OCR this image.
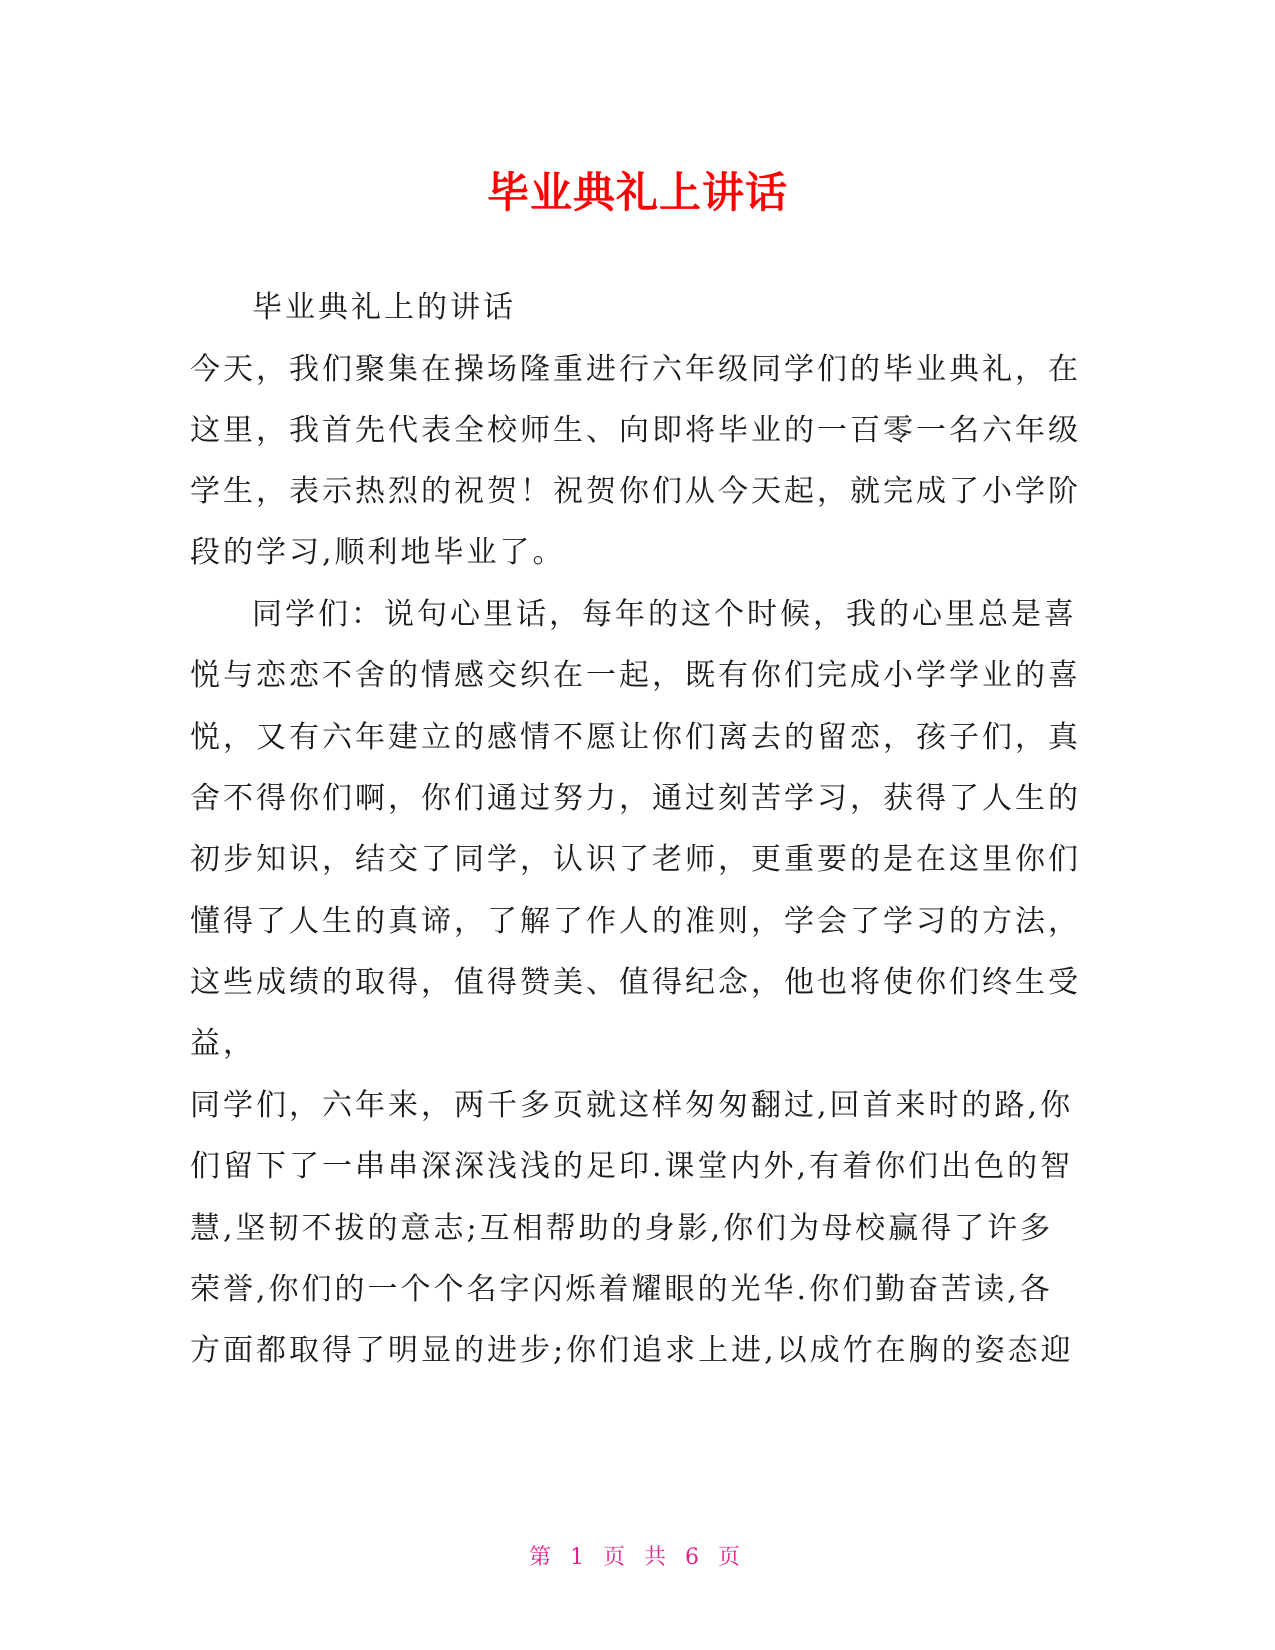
毕业典礼上讲话

毕业典礼上的讲话

今天，我们聚集在操场隆重进行六年级同学们的毕业典礼，在

这里，我首先代表全校师生、向即将毕业的一百零一名六年级

学生，表示热烈的祝贺！祝贺你们从今天起，就完成了小学阶

段的学习,顺利地毕业了。

同学们：说句心里话，每年的这个时候，我的心里总是喜

悦与恋恋不舍的情感交织在一起，既有你们完成小学学业的喜

悦，又有六年建立的感情不愿让你们离去的留恋，孩子们，真

舍不得你们啊，你们通过努力，通过刻苦学习，获得了人生的

初步知识，结交了同学，认识了老师，更重要的是在这里你们

懂得了人生的真谛，了解了作人的准则，学会了学习的方法，

这些成绩的取得，值得赞美、值得纪念，他也将使你们终生受

益，

同学们，六年来，两千多页就这样匆匆翻过,回首来时的路,你

们留下了一串串深深浅浅的足印.课堂内外,有着你们出色的智

慧,坚韧不拔的意志;互相帮助的身影,你们为母校赢得了许多

荣誉,你们的一个个名字闪烁着耀眼的光华.你们勤奋苦读,各

方面都取得了明显的进步;你们追求上进,以成竹在胸的姿态迎

第 1 页 共 6 页
